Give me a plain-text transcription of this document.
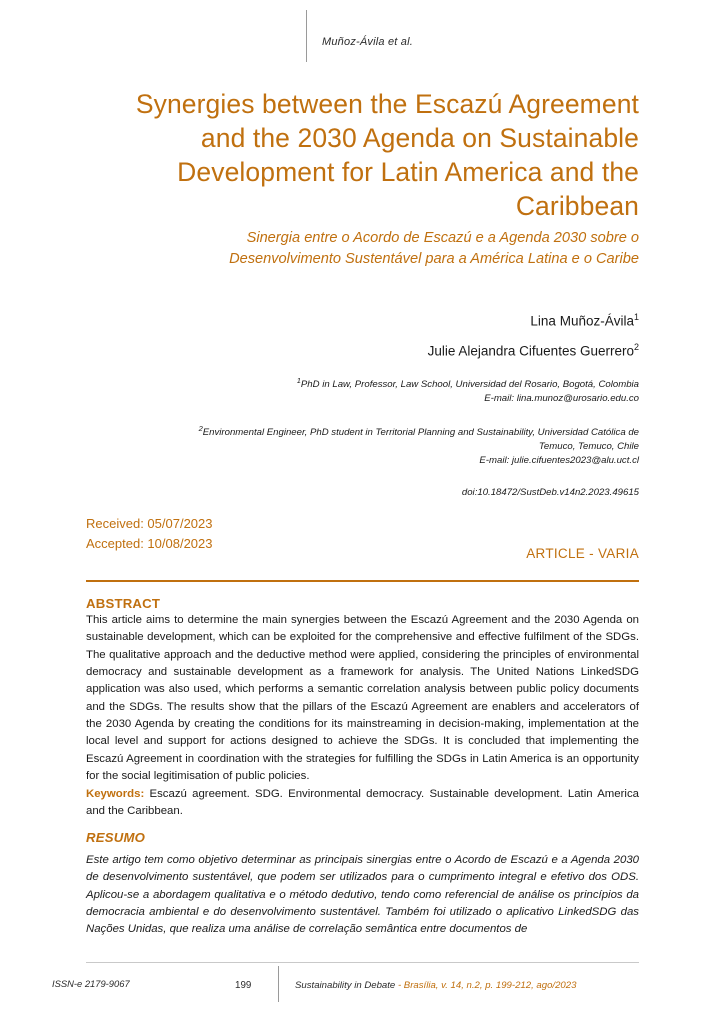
Muñoz-Ávila et al.
Synergies between the Escazú Agreement and the 2030 Agenda on Sustainable Development for Latin America and the Caribbean
Sinergia entre o Acordo de Escazú e a Agenda 2030 sobre o Desenvolvimento Sustentável para a América Latina e o Caribe
Lina Muñoz-Ávila$^1$
Julie Alejandra Cifuentes Guerrero$^2$
$^1$PhD in Law, Professor, Law School, Universidad del Rosario, Bogotá, Colombia
E-mail: lina.munoz@urosario.edu.co
$^2$Environmental Engineer, PhD student in Territorial Planning and Sustainability, Universidad Católica de Temuco, Temuco, Chile
E-mail: julie.cifuentes2023@alu.uct.cl
doi:10.18472/SustDeb.v14n2.2023.49615
Received: 05/07/2023
Accepted: 10/08/2023
ARTICLE - VARIA
ABSTRACT
This article aims to determine the main synergies between the Escazú Agreement and the 2030 Agenda on sustainable development, which can be exploited for the comprehensive and effective fulfilment of the SDGs. The qualitative approach and the deductive method were applied, considering the principles of environmental democracy and sustainable development as a framework for analysis. The United Nations LinkedSDG application was also used, which performs a semantic correlation analysis between public policy documents and the SDGs. The results show that the pillars of the Escazú Agreement are enablers and accelerators of the 2030 Agenda by creating the conditions for its mainstreaming in decision-making, implementation at the local level and support for actions designed to achieve the SDGs. It is concluded that implementing the Escazú Agreement in coordination with the strategies for fulfilling the SDGs in Latin America is an opportunity for the social legitimisation of public policies.
Keywords: Escazú agreement. SDG. Environmental democracy. Sustainable development. Latin America and the Caribbean.
RESUMO
Este artigo tem como objetivo determinar as principais sinergias entre o Acordo de Escazú e a Agenda 2030 de desenvolvimento sustentável, que podem ser utilizados para o cumprimento integral e efetivo dos ODS. Aplicou-se a abordagem qualitativa e o método dedutivo, tendo como referencial de análise os princípios da democracia ambiental e do desenvolvimento sustentável. Também foi utilizado o aplicativo LinkedSDG das Nações Unidas, que realiza uma análise de correlação semântica entre documentos de
ISSN-e 2179-9067	199	Sustainability in Debate - Brasília, v. 14, n.2, p. 199-212, ago/2023
